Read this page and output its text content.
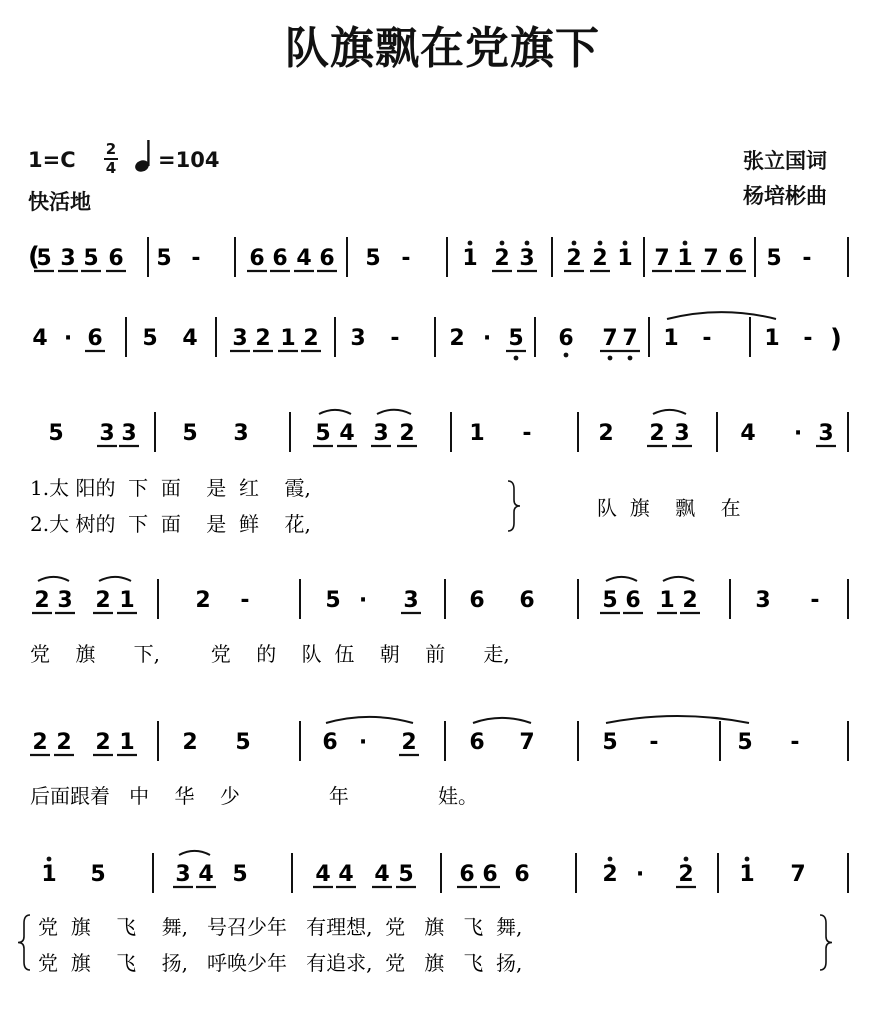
队旗飘在党旗下
1=C 2
4 =104
快活地
张立国词
杨培彬曲
(
5 3 5 6 5 - 6 6 4 6 5 - 1 2 3 2 2 1 7 1 7 6 5 -
)
4 · 6 5 4 3 2 1 2 3 - 2 · 5 6 7 7 1 - 1 -
5 3 3 5 3	5 4 3 2 1 -	2 2 3 4 · 3
2 3 2 1	2 -	5 · 3 6 6	5 6 1 2	3 -
2 2 2 1 2 5	6 · 2 6 7	5 -	5 -
1 5	3 4 5	4 4 4 5 6 6 6	2 · 2 1 7
1.太 阳的  下  面    是  红    霞,
2.大 树的  下  面    是  鲜    花,
队  旗    飘    在
党    旗      下,        党    的    队  伍    朝    前      走,
后面跟着   中    华    少              年              娃。
党  旗    飞    舞,   号召少年   有理想,  党   旗   飞  舞,
党  旗    飞    扬,   呼唤少年   有追求,  党   旗   飞  扬,
